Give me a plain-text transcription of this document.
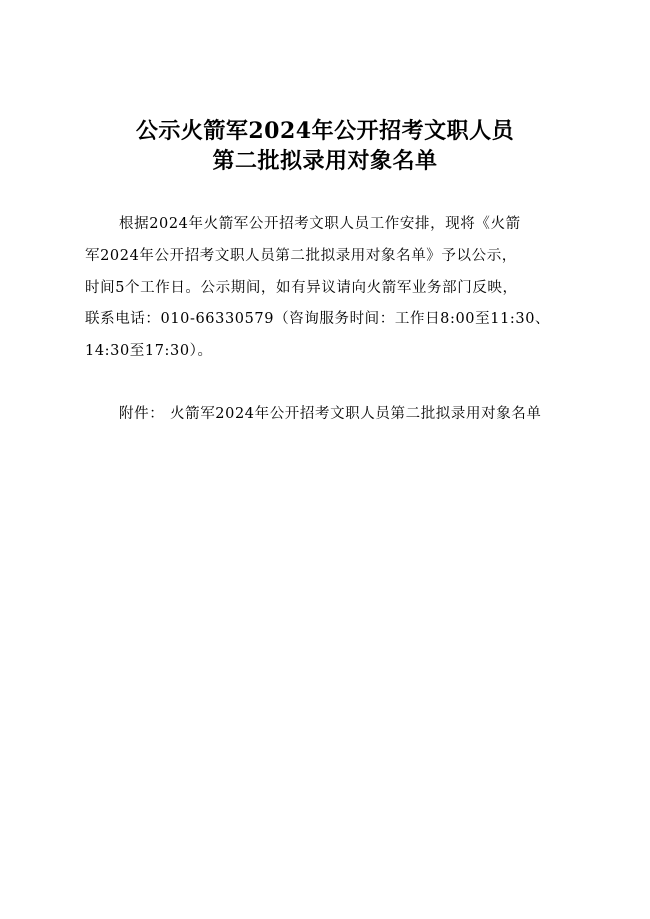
公示火箭军2024年公开招考文职人员
第二批拟录用对象名单
根据2024年火箭军公开招考文职人员工作安排，现将《火箭
军2024年公开招考文职人员第二批拟录用对象名单》予以公示，
时间5个工作日。公示期间，如有异议请向火箭军业务部门反映，
联系电话：010-66330579（咨询服务时间：工作日8:00至11:30、
14:30至17:30）。
附件： 火箭军2024年公开招考文职人员第二批拟录用对象名单
